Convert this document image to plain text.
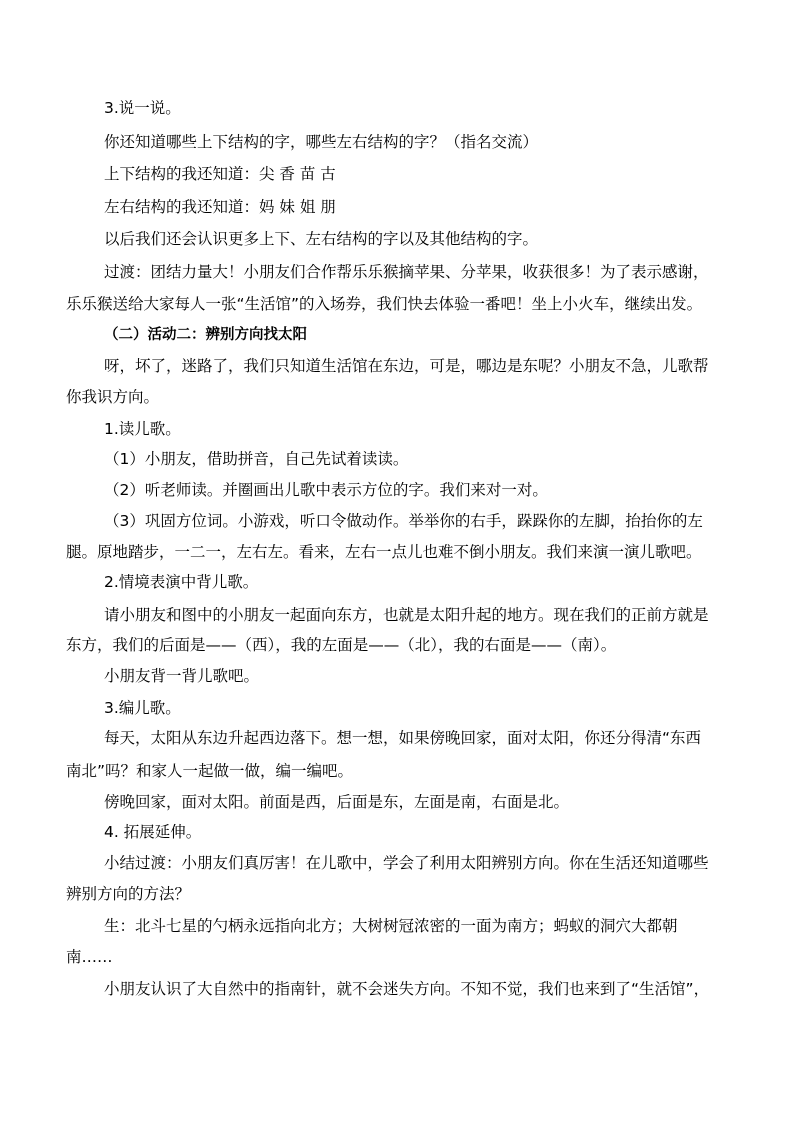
3.说一说。
你还知道哪些上下结构的字，哪些左右结构的字？（指名交流）
上下结构的我还知道：尖 香 苗 古
左右结构的我还知道：妈 妹 姐 朋
以后我们还会认识更多上下、左右结构的字以及其他结构的字。
过渡：团结力量大！小朋友们合作帮乐乐猴摘苹果、分苹果，收获很多！为了表示感谢，
乐乐猴送给大家每人一张“生活馆”的入场券，我们快去体验一番吧！坐上小火车，继续出发。
（二）活动二：辨别方向找太阳
呀，坏了，迷路了，我们只知道生活馆在东边，可是，哪边是东呢？小朋友不急，儿歌帮
你我识方向。
1.读儿歌。
（1）小朋友，借助拼音，自己先试着读读。
（2）听老师读。并圈画出儿歌中表示方位的字。我们来对一对。
（3）巩固方位词。小游戏，听口令做动作。举举你的右手，跺跺你的左脚，抬抬你的左
腿。原地踏步，一二一，左右左。看来，左右一点儿也难不倒小朋友。我们来演一演儿歌吧。
2.情境表演中背儿歌。
请小朋友和图中的小朋友一起面向东方，也就是太阳升起的地方。现在我们的正前方就是
东方，我们的后面是——（西），我的左面是——（北），我的右面是——（南）。
小朋友背一背儿歌吧。
3.编儿歌。
每天，太阳从东边升起西边落下。想一想，如果傍晚回家，面对太阳，你还分得清“东西
南北”吗？和家人一起做一做，编一编吧。
傍晚回家，面对太阳。前面是西，后面是东，左面是南，右面是北。
4. 拓展延伸。
小结过渡：小朋友们真厉害！在儿歌中，学会了利用太阳辨别方向。你在生活还知道哪些
辨别方向的方法？
生：北斗七星的勺柄永远指向北方；大树树冠浓密的一面为南方；蚂蚁的洞穴大都朝
南……
小朋友认识了大自然中的指南针，就不会迷失方向。不知不觉，我们也来到了“生活馆”，
